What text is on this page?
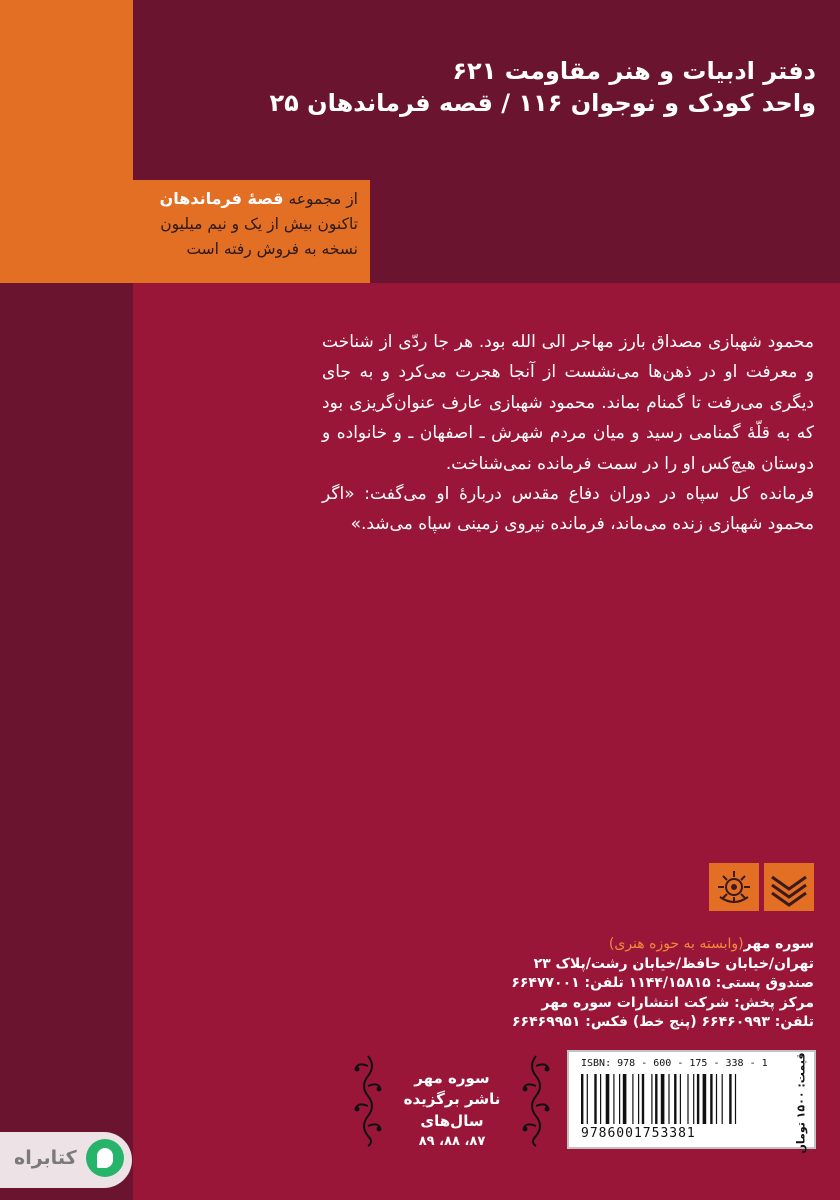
دفتر ادبیات و هنر مقاومت ۶۲۱
واحد کودک و نوجوان ۱۱۶ / قصه فرماندهان ۲۵
از مجموعه قصهٔ فرماندهان
تاکنون بیش از یک و نیم میلیون
نسخه به فروش رفته است

محمود شهبازی مصداق بارز مهاجر الی الله بود. هر جا ردّی از شناخت و معرفت او در ذهن‌ها می‌نشست از آنجا هجرت می‌کرد و به جای دیگری می‌رفت تا گمنام بماند. محمود شهبازی عارف عنوان‌گریزی بود که به قلّهٔ گمنامی رسید و میان مردم شهرش ـ اصفهان ـ و خانواده و دوستان هیچ‌کس او را در سمت فرمانده نمی‌شناخت.

فرمانده کل سپاه در دوران دفاع مقدس دربارهٔ او می‌گفت: «اگر محمود شهبازی زنده می‌ماند، فرمانده نیروی زمینی سپاه می‌شد.»

سوره مهر(وابسته به حوزه هنری)
تهران/خیابان حافظ/خیابان رشت/پلاک ۲۳
صندوق پستی: ۱۱۴۴/۱۵۸۱۵ تلفن: ۶۶۴۷۷۰۰۱
مرکز پخش: شرکت انتشارات سوره مهر
تلفن: ۶۶۴۶۰۹۹۳ (پنج خط) فکس: ۶۶۴۶۹۹۵۱
سوره مهر
ناشر برگزیده سال‌های
۸۷، ۸۸، ۸۹
ISBN: 978 - 600 - 175 - 338 - 1
9786001753381	قیمت: ۱۵۰۰ تومان
کتابراه
